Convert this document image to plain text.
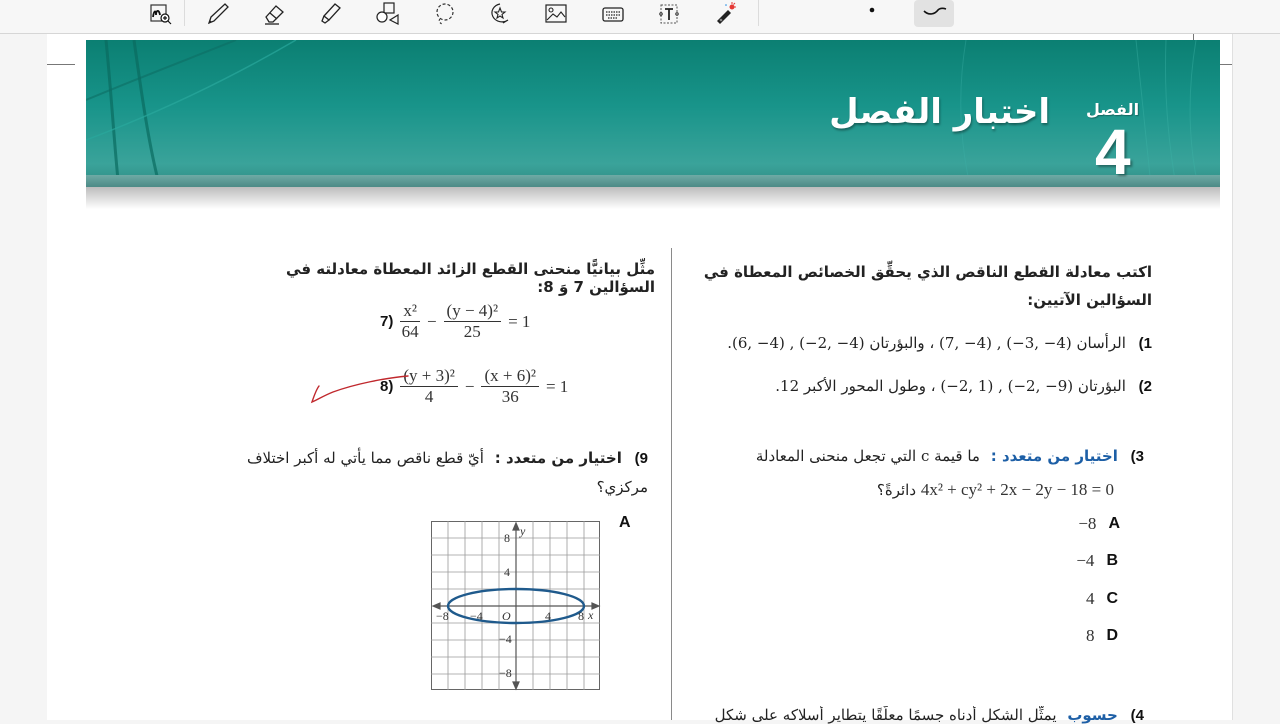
اختبار الفصل الفصل
4
اكتب معادلة القطع الناقص الذي يحقِّق الخصائص المعطاة في السؤالين الآتيين:
1) الرأسان (4− ,3−) , (4− ,7) ، والبؤرتان (4− ,2−) , (4− ,6).
2) البؤرتان (9− ,2−) , (1 ,2−) ، وطول المحور الأكبر 12.
3) اختيار من متعدد : ما قيمة c التي تجعل منحنى المعادلة
4x² + cy² + 2x − 2y − 18 = 0 دائرةً؟
−8 A
−4 B
4 C
8 D
4) حسوب يمثِّل الشكل أدناه جسمًا معلّقًا يتطاير أسلاكه على شكل
مثِّل بيانيًّا منحنى القطع الزائد المعطاة معادلته في السؤالين 7 وَ 8:
($7 \frac{\text{x²}}{64} - \frac{\text{(y − 4)²}}{25} = 1$
($8 \frac{\text{(y + 3)²}}{4} - \frac{\text{(x + 6)²}}{36} = 1$
9) اختيار من متعدد : أيّ قطع ناقص مما يأتي له أكبر اختلاف مركزي؟
A
8
4
−4
−8
−8 −4 O	4 8 x
y
